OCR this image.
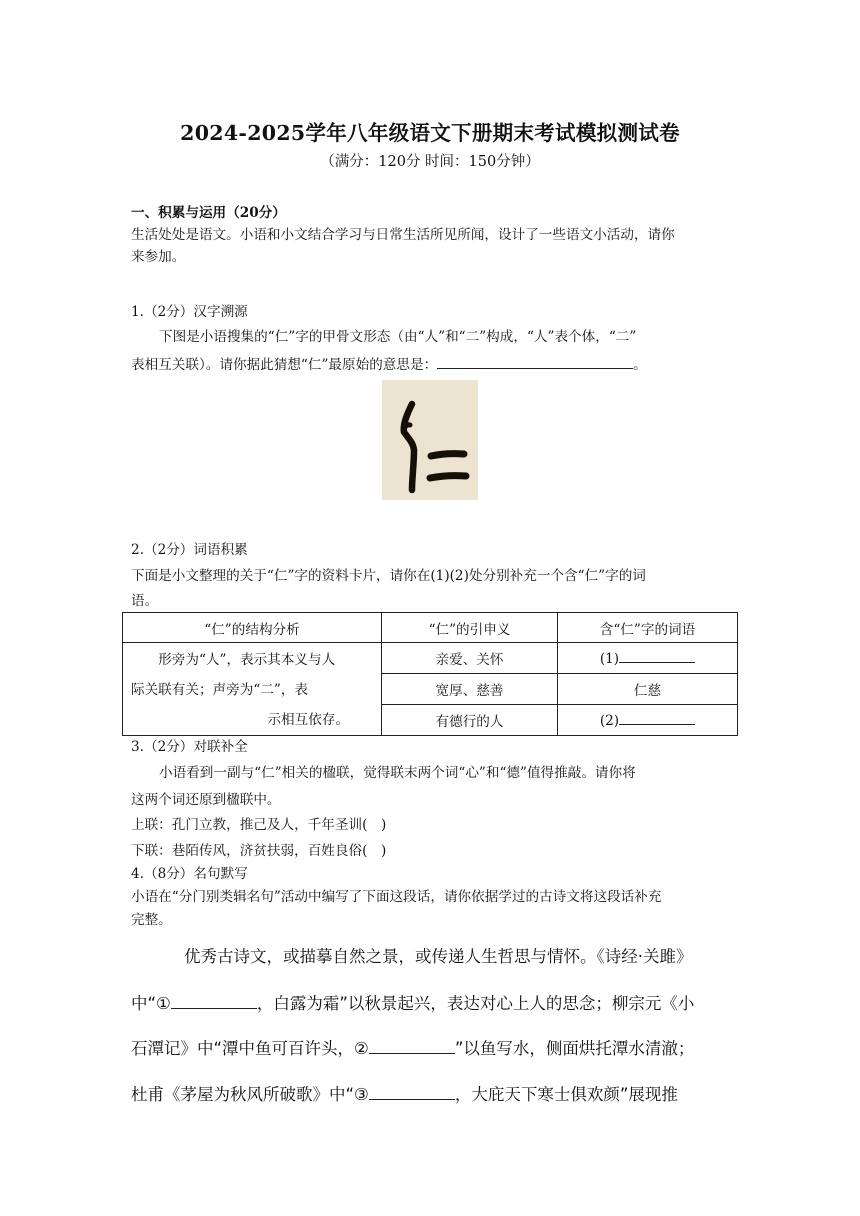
2024-2025学年八年级语文下册期末考试模拟测试卷
（满分：120分 时间：150分钟）
一、积累与运用（20分）
生活处处是语文。小语和小文结合学习与日常生活所见所闻，设计了一些语文小活动，请你
来参加。
1.（2分）汉字溯源
下图是小语搜集的“仁”字的甲骨文形态（由“人”和“二”构成，“人”表个体，“二”
表相互关联）。请你据此猜想“仁”最原始的意思是：	。
2.（2分）词语积累
下面是小文整理的关于“仁”字的资料卡片，请你在(1)(2)处分别补充一个含“仁”字的词
语。
“仁”的结构分析	“仁”的引申义	含“仁”字的词语

　　形旁为“人”，表示其本义与人
际关联有关；声旁为“二”，表
示相互依存。	亲爱、关怀	(1)
	宽厚、慈善	仁慈
	有德行的人	(2)
3.（2分）对联补全
小语看到一副与“仁”相关的楹联，觉得联末两个词“心”和“德”值得推敲。请你将
这两个词还原到楹联中。
上联：孔门立教，推己及人，千年圣训(　)
下联：巷陌传风，济贫扶弱，百姓良俗(　)
4.（8分）名句默写
小语在“分门别类辑名句”活动中编写了下面这段话，请你依据学过的古诗文将这段话补充
完整。
优秀古诗文，或描摹自然之景，或传递人生哲思与情怀。《诗经·关雎》
中“①	，白露为霜”以秋景起兴，表达对心上人的思念；柳宗元《小
石潭记》中“潭中鱼可百许头，②	”以鱼写水，侧面烘托潭水清澈；
杜甫《茅屋为秋风所破歌》中“③	，大庇天下寒士俱欢颜”展现推
